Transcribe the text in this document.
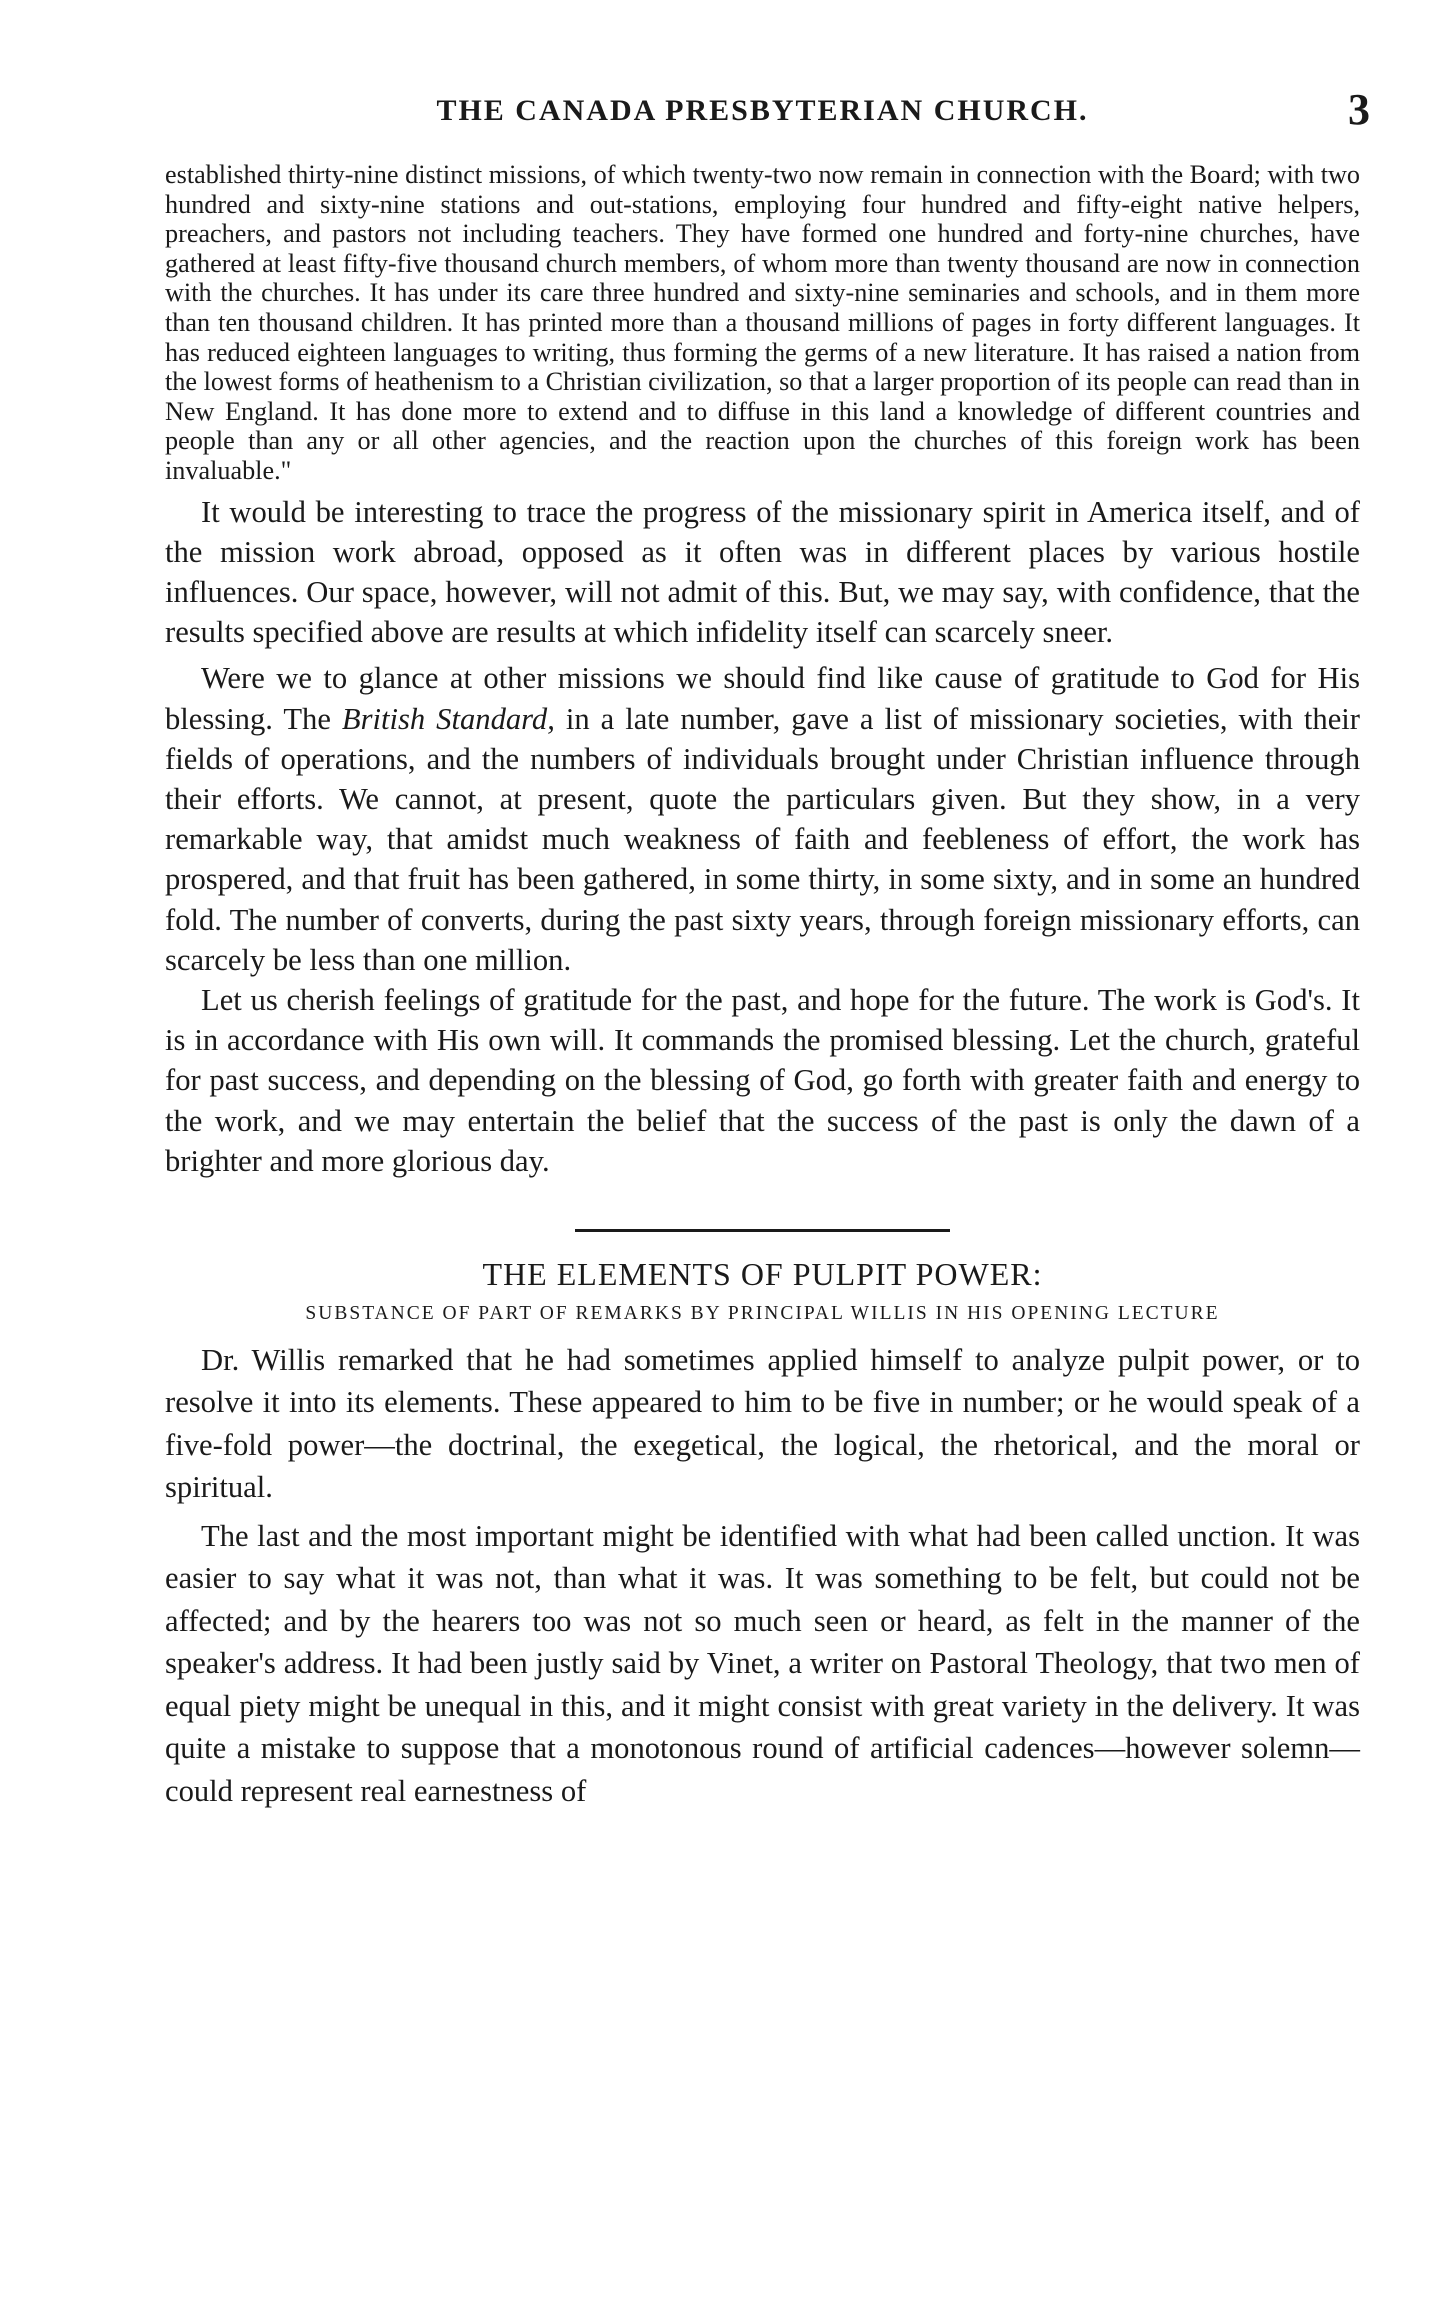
THE CANADA PRESBYTERIAN CHURCH.	3

established thirty-nine distinct missions, of which twenty-two now remain in connection with the Board; with two hundred and sixty-nine stations and out-stations, employing four hundred and fifty-eight native helpers, preachers, and pastors not including teachers. They have formed one hundred and forty-nine churches, have gathered at least fifty-five thousand church members, of whom more than twenty thousand are now in connection with the churches. It has under its care three hundred and sixty-nine seminaries and schools, and in them more than ten thousand children. It has printed more than a thousand millions of pages in forty different languages. It has reduced eighteen languages to writing, thus forming the germs of a new literature. It has raised a nation from the lowest forms of heathenism to a Christian civilization, so that a larger proportion of its people can read than in New England. It has done more to extend and to diffuse in this land a knowledge of different countries and people than any or all other agencies, and the reaction upon the churches of this foreign work has been invaluable."

It would be interesting to trace the progress of the missionary spirit in America itself, and of the mission work abroad, opposed as it often was in different places by various hostile influences. Our space, however, will not admit of this. But, we may say, with confidence, that the results specified above are results at which infidelity itself can scarcely sneer.

Were we to glance at other missions we should find like cause of gratitude to God for His blessing. The British Standard, in a late number, gave a list of missionary societies, with their fields of operations, and the numbers of individuals brought under Christian influence through their efforts. We cannot, at present, quote the particulars given. But they show, in a very remarkable way, that amidst much weakness of faith and feebleness of effort, the work has prospered, and that fruit has been gathered, in some thirty, in some sixty, and in some an hundred fold. The number of converts, during the past sixty years, through foreign missionary efforts, can scarcely be less than one million.

Let us cherish feelings of gratitude for the past, and hope for the future. The work is God's. It is in accordance with His own will. It commands the promised blessing. Let the church, grateful for past success, and depending on the blessing of God, go forth with greater faith and energy to the work, and we may entertain the belief that the success of the past is only the dawn of a brighter and more glorious day.

THE ELEMENTS OF PULPIT POWER:
SUBSTANCE OF PART OF REMARKS BY PRINCIPAL WILLIS IN HIS OPENING LECTURE

Dr. Willis remarked that he had sometimes applied himself to analyze pulpit power, or to resolve it into its elements. These appeared to him to be five in number; or he would speak of a five-fold power—the doctrinal, the exegetical, the logical, the rhetorical, and the moral or spiritual.

The last and the most important might be identified with what had been called unction. It was easier to say what it was not, than what it was. It was something to be felt, but could not be affected; and by the hearers too was not so much seen or heard, as felt in the manner of the speaker's address. It had been justly said by Vinet, a writer on Pastoral Theology, that two men of equal piety might be unequal in this, and it might consist with great variety in the delivery. It was quite a mistake to suppose that a monotonous round of artificial cadences—however solemn—could represent real earnestness of
